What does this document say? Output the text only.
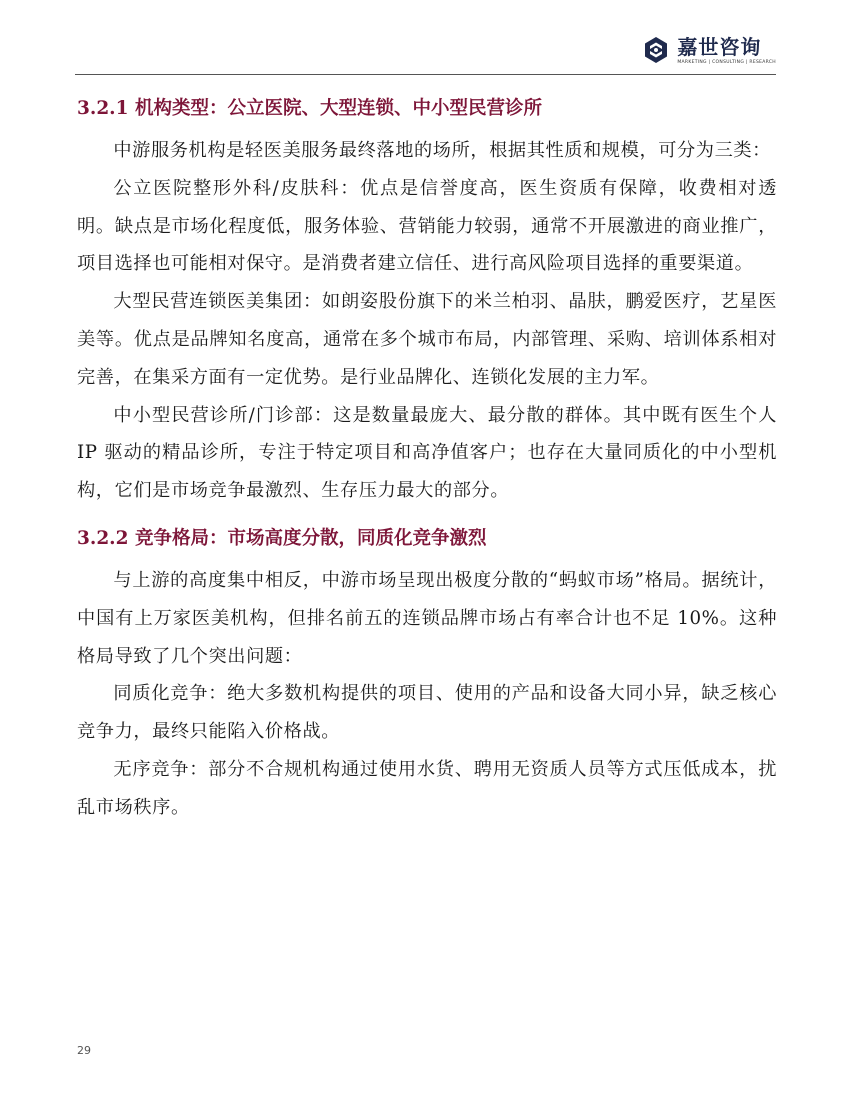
嘉世咨询
MARKETING | CONSULTING | RESEARCH
3.2.1 机构类型：公立医院、大型连锁、中小型民营诊所

中游服务机构是轻医美服务最终落地的场所，根据其性质和规模，可分为三类：

公立医院整形外科/皮肤科：优点是信誉度高，医生资质有保障，收费相对透明。缺点是市场化程度低，服务体验、营销能力较弱，通常不开展激进的商业推广，项目选择也可能相对保守。是消费者建立信任、进行高风险项目选择的重要渠道。

大型民营连锁医美集团：如朗姿股份旗下的米兰柏羽、晶肤，鹏爱医疗，艺星医美等。优点是品牌知名度高，通常在多个城市布局，内部管理、采购、培训体系相对完善，在集采方面有一定优势。是行业品牌化、连锁化发展的主力军。

中小型民营诊所/门诊部：这是数量最庞大、最分散的群体。其中既有医生个人 IP 驱动的精品诊所，专注于特定项目和高净值客户；也存在大量同质化的中小型机构，它们是市场竞争最激烈、生存压力最大的部分。

3.2.2 竞争格局：市场高度分散，同质化竞争激烈

与上游的高度集中相反，中游市场呈现出极度分散的“蚂蚁市场”格局。据统计，中国有上万家医美机构，但排名前五的连锁品牌市场占有率合计也不足 10%。这种格局导致了几个突出问题：

同质化竞争：绝大多数机构提供的项目、使用的产品和设备大同小异，缺乏核心竞争力，最终只能陷入价格战。

无序竞争：部分不合规机构通过使用水货、聘用无资质人员等方式压低成本，扰乱市场秩序。

29
